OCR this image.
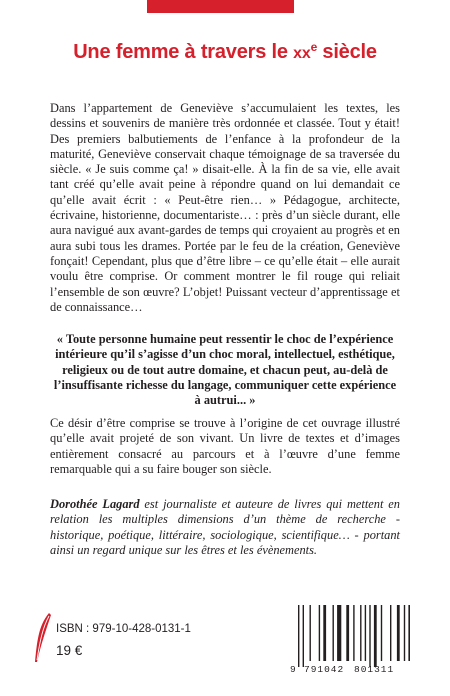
Une femme à travers le $xx^e$ siècle

Dans l’appartement de Geneviève s’accumulaient les textes, les dessins et souvenirs de manière très ordonnée et classée. Tout y était! Des premiers balbutiements de l’enfance à la profondeur de la maturité, Geneviève conservait chaque témoignage de sa traversée du siècle. « Je suis comme ça! » disait-elle. À la fin de sa vie, elle avait tant créé qu’elle avait peine à répondre quand on lui demandait ce qu’elle avait écrit : « Peut-être rien… » Pédagogue, architecte, écrivaine, historienne, documentariste… : près d’un siècle durant, elle aura navigué aux avant-gardes de temps qui croyaient au progrès et en aura subi tous les drames. Portée par le feu de la création, Geneviève fonçait! Cependant, plus que d’être libre – ce qu’elle était – elle aurait voulu être comprise. Or comment montrer le fil rouge qui reliait l’ensemble de son œuvre? L’objet! Puissant vecteur d’apprentissage et de connaissance…

« Toute personne humaine peut ressentir le choc de l’expérience intérieure qu’il s’agisse d’un choc moral, intellectuel, esthétique, religieux ou de tout autre domaine, et chacun peut, au-delà de l’insuffisante richesse du langage, communiquer cette expérience à autrui... »

Ce désir d’être comprise se trouve à l’origine de cet ouvrage illustré qu’elle avait projeté de son vivant. Un livre de textes et d’images entièrement consacré au parcours et à l’œuvre d’une femme remarquable qui a su faire bouger son siècle.

Dorothée Lagard est journaliste et auteure de livres qui mettent en relation les multiples dimensions d’un thème de recherche - historique, poétique, littéraire, sociologique, scientifique… - portant ainsi un regard unique sur les êtres et les évènements.

ISBN : 979-10-428-0131-1
19 €
9 791042 801311
